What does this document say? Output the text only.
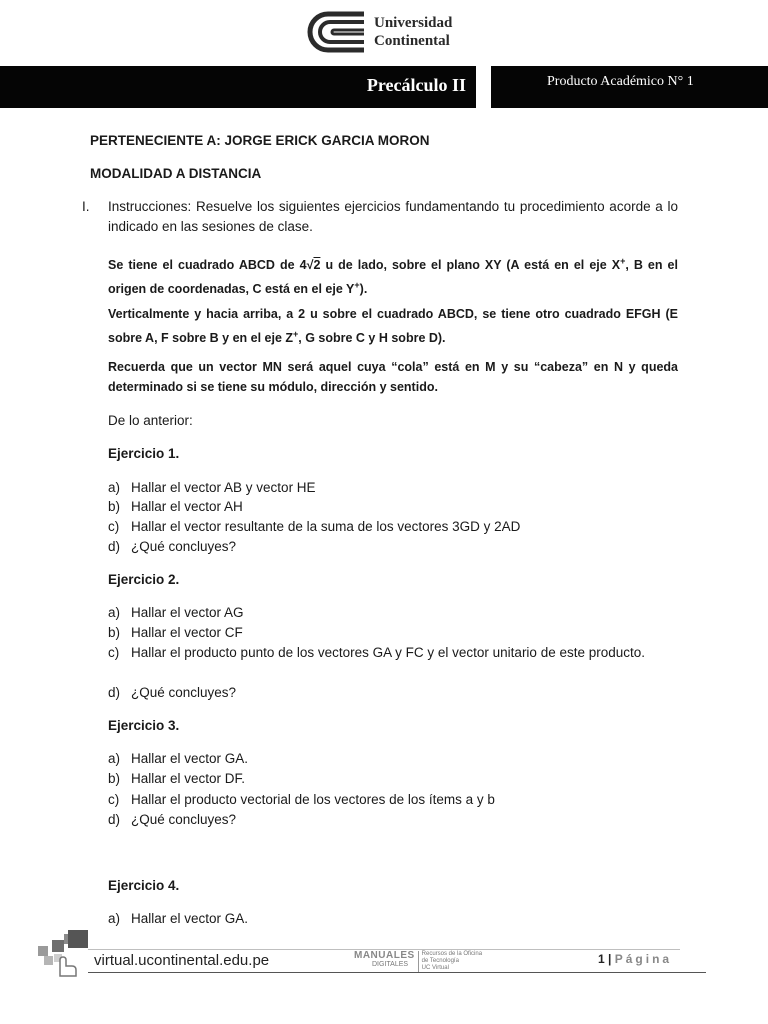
Universidad
Continental
Precálculo II	Producto Académico N° 1
PERTENECIENTE A: JORGE ERICK GARCIA MORON
MODALIDAD A DISTANCIA
I. Instrucciones: Resuelve los siguientes ejercicios fundamentando tu procedimiento acorde a lo indicado en las sesiones de clase.
Se tiene el cuadrado ABCD de 4√2 u de lado, sobre el plano XY (A está en el eje X+, B en el origen de coordenadas, C está en el eje Y+).
Verticalmente y hacia arriba, a 2 u sobre el cuadrado ABCD, se tiene otro cuadrado EFGH (E sobre A, F sobre B y en el eje Z+, G sobre C y H sobre D).
Recuerda que un vector MN será aquel cuya “cola” está en M y su “cabeza” en N y queda determinado si se tiene su módulo, dirección y sentido.
De lo anterior:
Ejercicio 1.
a) Hallar el vector AB y vector HE
b) Hallar el vector AH
c) Hallar el vector resultante de la suma de los vectores 3GD y 2AD
d) ¿Qué concluyes?
Ejercicio 2.
a) Hallar el vector AG
b) Hallar el vector CF
c) Hallar el producto punto de los vectores GA y FC y el vector unitario de este producto.
d) ¿Qué concluyes?
Ejercicio 3.
a) Hallar el vector GA.
b) Hallar el vector DF.
c) Hallar el producto vectorial de los vectores de los ítems a y b
d) ¿Qué concluyes?
Ejercicio 4.
a) Hallar el vector GA.
virtual.ucontinental.edu.pe	MANUALES
DIGITALES
Recursos de la Oficina
de Tecnología
UC Virtual
1 | Página
